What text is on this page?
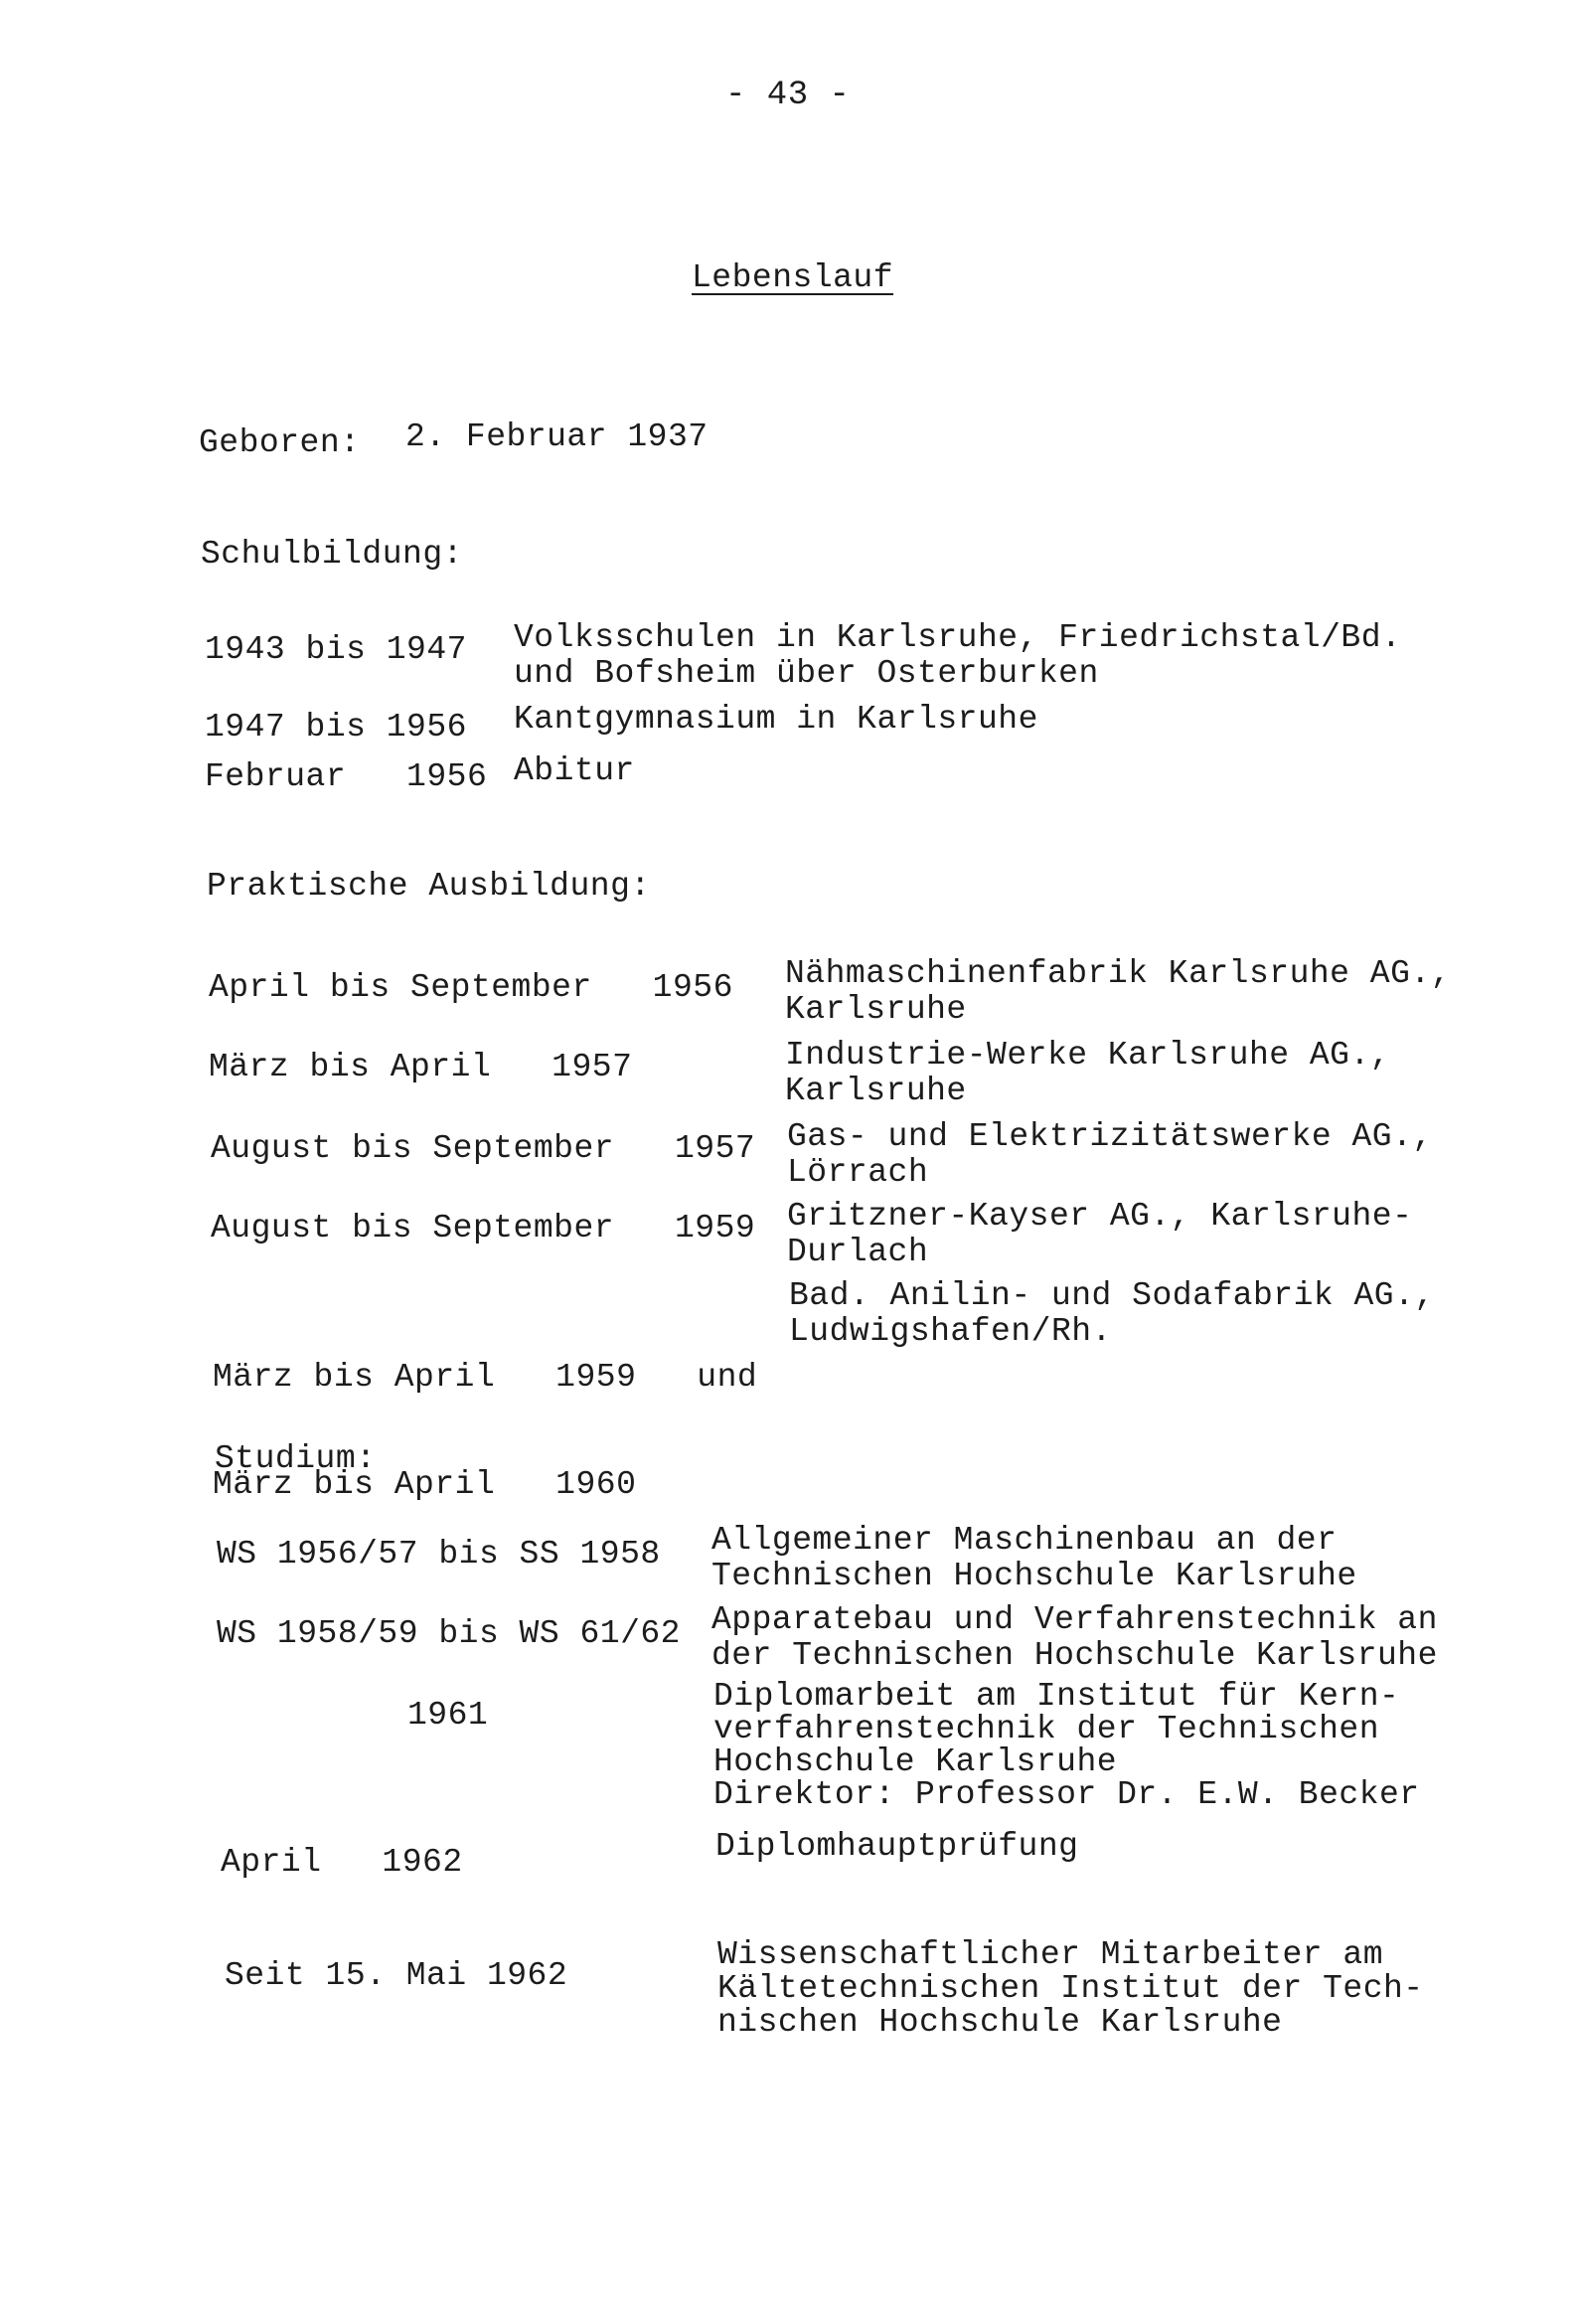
- 43 -
Lebenslauf
Geboren: 2. Februar 1937
Schulbildung:
1943 bis 1947 Volksschulen in Karlsruhe, Friedrichstal/Bd.
und Bofsheim über Osterburken
1947 bis 1956 Kantgymnasium in Karlsruhe
Februar   1956 Abitur
Praktische Ausbildung:
April bis September   1956 Nähmaschinenfabrik Karlsruhe AG.,
Karlsruhe
März bis April   1957	Industrie-Werke Karlsruhe AG.,
Karlsruhe
August bis September   1957 Gas- und Elektrizitätswerke AG.,
Lörrach
August bis September   1959 Gritzner-Kayser AG., Karlsruhe-
Durlach

März bis April   1959   und

März bis April   1960

Bad. Anilin- und Sodafabrik AG.,
Ludwigshafen/Rh.
Studium:
WS 1956/57 bis SS 1958 Allgemeiner Maschinenbau an der
Technischen Hochschule Karlsruhe
WS 1958/59 bis WS 61/62 Apparatebau und Verfahrenstechnik an
der Technischen Hochschule Karlsruhe
1961
Diplomarbeit am Institut für Kern-
verfahrenstechnik der Technischen
Hochschule Karlsruhe
Direktor: Professor Dr. E.W. Becker
April   1962	Diplomhauptprüfung
Seit 15. Mai 1962
Wissenschaftlicher Mitarbeiter am
Kältetechnischen Institut der Tech-
nischen Hochschule Karlsruhe
